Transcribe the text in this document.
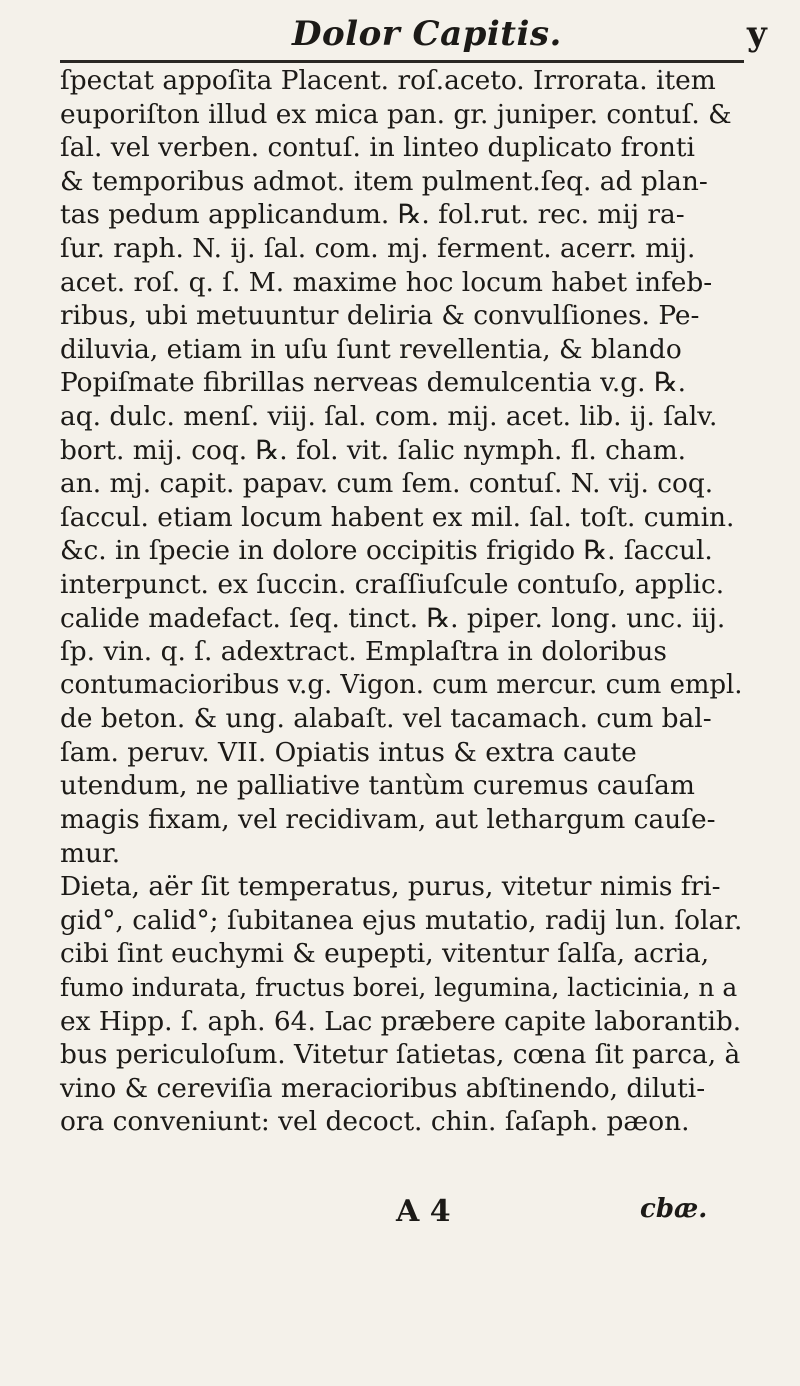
Dolor Capitis.	y
ſpectat appoſita Placent. roſ.aceto. Irrorata. item
euporiſton illud ex mica pan. gr. juniper. contuſ. &
ſal. vel verben. contuſ. in linteo duplicato fronti
& temporibus admot. item pulment.ſeq. ad plan-
tas pedum applicandum. ℞. fol.rut. rec. mij ra-
ſur. raph. N. ij. ſal. com. mj. ferment. acerr. mij.
acet. roſ. q. ſ. M. maxime hoc locum habet infeb-
ribus, ubi metuuntur deliria & convulſiones. Pe-
diluvia, etiam in uſu ſunt revellentia, & blando
Popiſmate fibrillas nerveas demulcentia v.g. ℞.
aq. dulc. menſ. viij. ſal. com. mij. acet. lib. ij. ſalv.
bort. mij. coq. ℞. fol. vit. ſalic nymph. fl. cham.
an. mj. capit. papav. cum ſem. contuſ. N. vij. coq.
ſaccul. etiam locum habent ex mil. ſal. toſt. cumin.
&c. in ſpecie in dolore occipitis frigido ℞. ſaccul.
interpunct. ex ſuccin. craſſiuſcule contuſo, applic.
calide madefact. ſeq. tinct. ℞. piper. long. unc. iij.
ſp. vin. q. ſ. adextract. Emplaſtra in doloribus
contumacioribus v.g. Vigon. cum mercur. cum empl.
de beton. & ung. alabaſt. vel tacamach. cum bal-
ſam. peruv. VII. Opiatis intus & extra caute
utendum, ne palliative tantùm curemus cauſam
magis fixam, vel recidivam, aut lethargum cauſe-
mur.
Dieta, aër ſit temperatus, purus, vitetur nimis fri-
gid°, calid°; ſubitanea ejus mutatio, radij lun. ſolar.
cibi ſint euchymi & eupepti, vitentur ſalſa, acria,
fumo indurata, fructus borei, legumina, lacticinia, n a
ex Hipp. ſ. aph. 64. Lac præbere capite laborantib.
bus periculoſum. Vitetur ſatietas, cœna ſit parca, à
vino & cereviſia meracioribus abſtinendo, diluti-
ora conveniunt: vel decoct. chin. ſaſaph. pæon.
A 4	cbæ.
